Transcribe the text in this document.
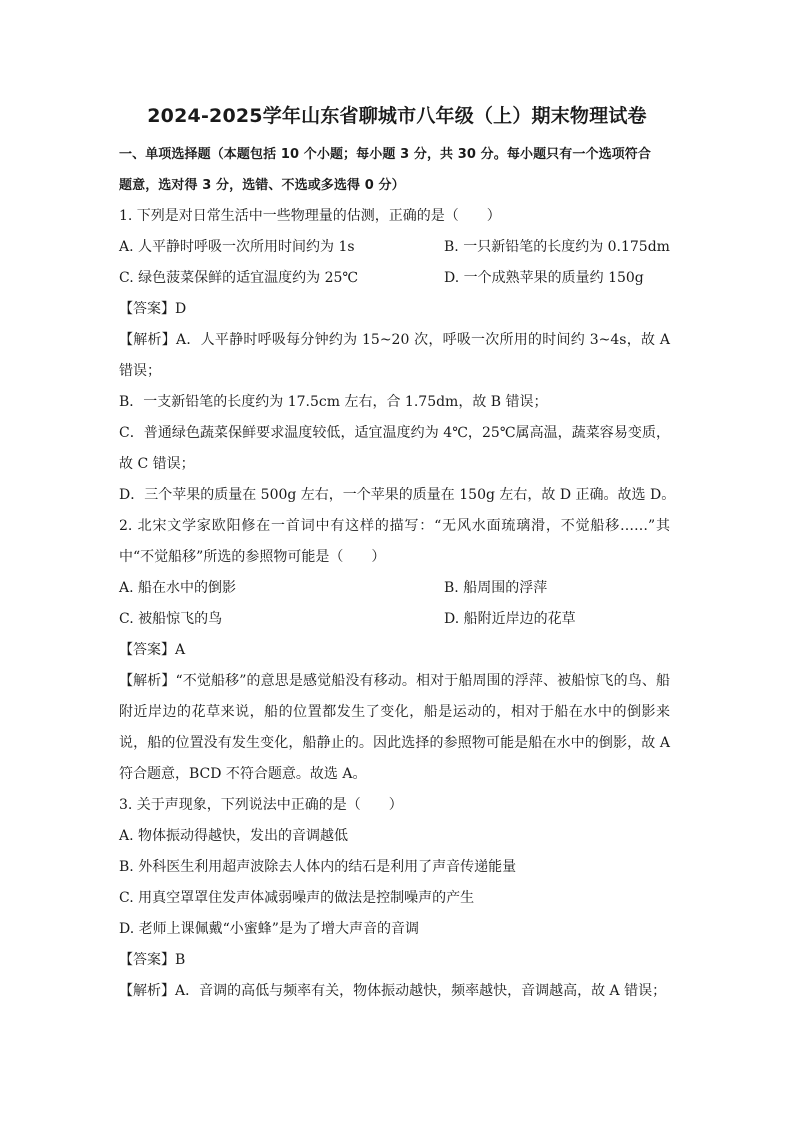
2024-2025学年山东省聊城市八年级（上）期末物理试卷
一、单项选择题（本题包括 10 个小题；每小题 3 分，共 30 分。每小题只有一个选项符合
题意，选对得 3 分，选错、不选或多选得 0 分）
1. 下列是对日常生活中一些物理量的估测，正确的是（　　）
A. 人平静时呼吸一次所用时间约为 1s	B. 一只新铅笔的长度约为 0.175dm
C. 绿色菠菜保鲜的适宜温度约为 25℃	D. 一个成熟苹果的质量约 150g
【答案】D
【解析】A．人平静时呼吸每分钟约为 15~20 次，呼吸一次所用的时间约 3~4s，故 A 错误；
B．一支新铅笔的长度约为 17.5cm 左右，合 1.75dm，故 B 错误；
C．普通绿色蔬菜保鲜要求温度较低，适宜温度约为 4℃，25℃属高温，蔬菜容易变质，故 C 错误；
D．三个苹果的质量在 500g 左右，一个苹果的质量在 150g 左右，故 D 正确。故选 D。
2. 北宋文学家欧阳修在一首词中有这样的描写：“无风水面琉璃滑，不觉船移……”其中“不觉船移”所选的参照物可能是（　　）
A. 船在水中的倒影	B. 船周围的浮萍
C. 被船惊飞的鸟	D. 船附近岸边的花草
【答案】A
【解析】“不觉船移”的意思是感觉船没有移动。相对于船周围的浮萍、被船惊飞的鸟、船附近岸边的花草来说，船的位置都发生了变化，船是运动的，相对于船在水中的倒影来说，船的位置没有发生变化，船静止的。因此选择的参照物可能是船在水中的倒影，故 A 符合题意，BCD 不符合题意。故选 A。
3. 关于声现象，下列说法中正确的是（　　）
A. 物体振动得越快，发出的音调越低
B. 外科医生利用超声波除去人体内的结石是利用了声音传递能量
C. 用真空罩罩住发声体减弱噪声的做法是控制噪声的产生
D. 老师上课佩戴“小蜜蜂”是为了增大声音的音调
【答案】B
【解析】A．音调的高低与频率有关，物体振动越快，频率越快，音调越高，故 A 错误；
